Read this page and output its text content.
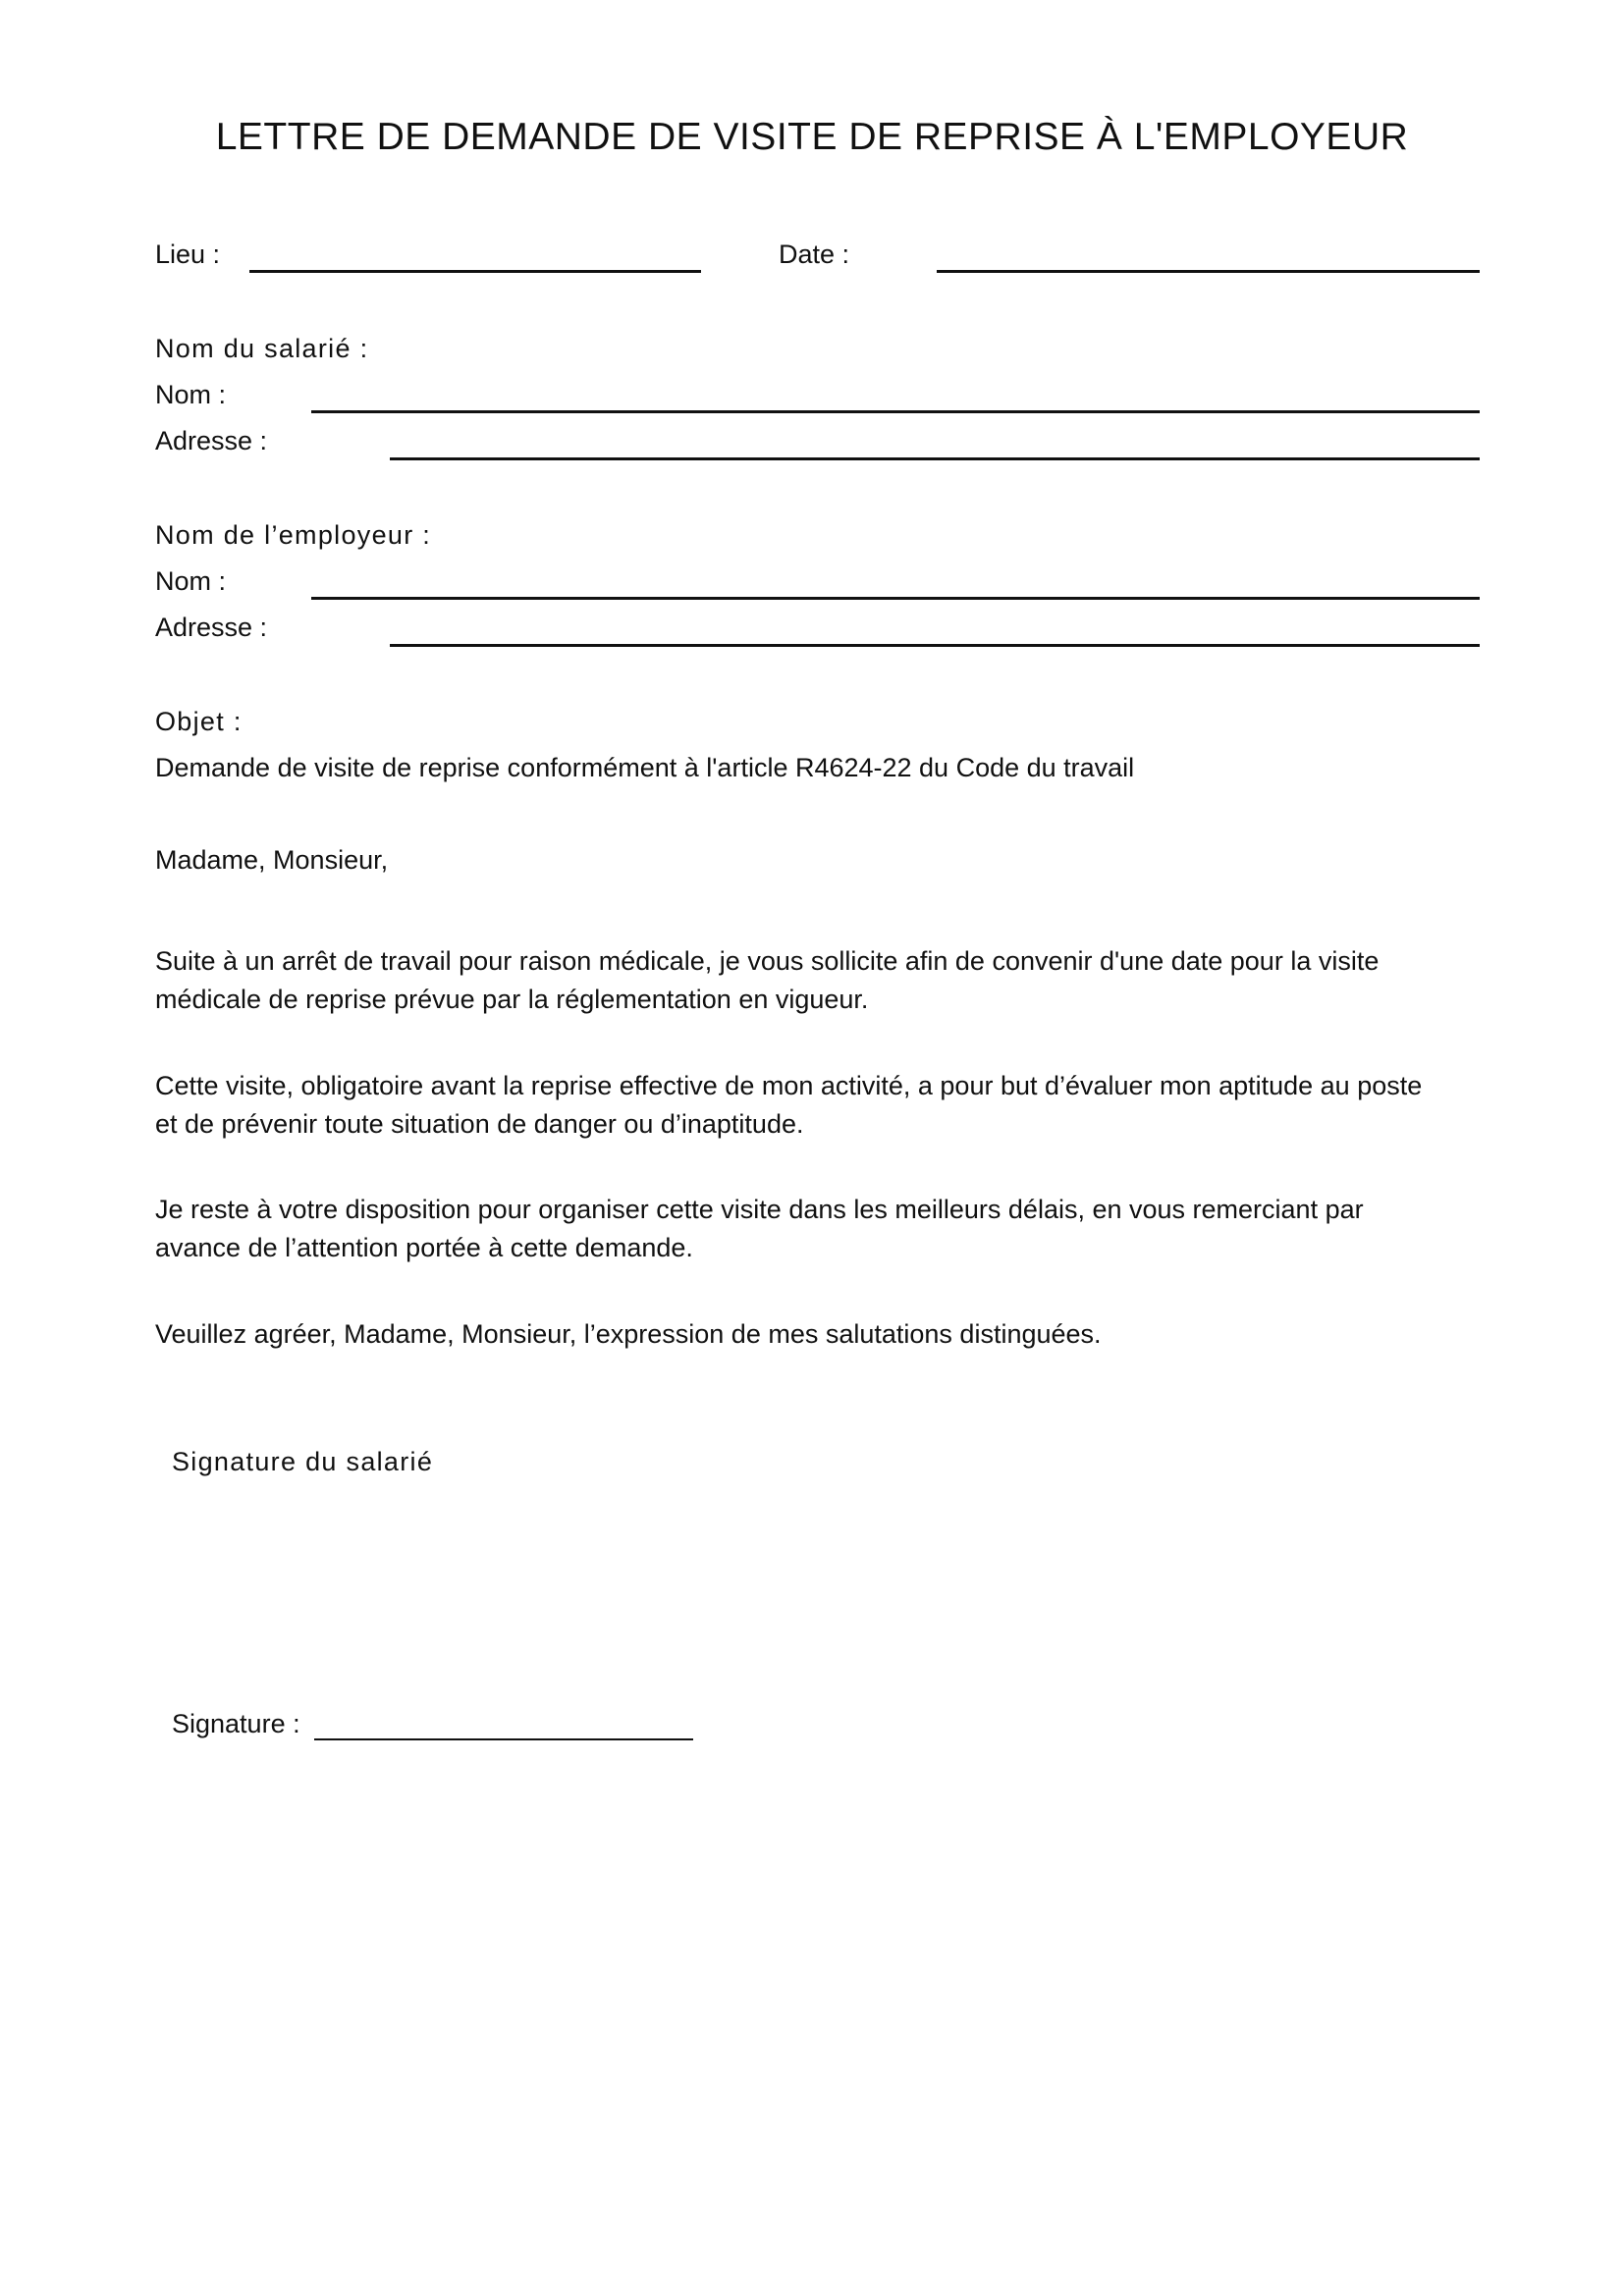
LETTRE DE DEMANDE DE VISITE DE REPRISE À L'EMPLOYEUR
Lieu :	Date :
Nom du salarié :
Nom :
Adresse :
Nom de l’employeur :
Nom :
Adresse :
Objet :
Demande de visite de reprise conformément à l'article R4624-22 du Code du travail
Madame, Monsieur,

Suite à un arrêt de travail pour raison médicale, je vous sollicite afin de convenir d'une date pour la visite
médicale de reprise prévue par la réglementation en vigueur.

Cette visite, obligatoire avant la reprise effective de mon activité, a pour but d’évaluer mon aptitude au poste
et de prévenir toute situation de danger ou d’inaptitude.

Je reste à votre disposition pour organiser cette visite dans les meilleurs délais, en vous remerciant par
avance de l’attention portée à cette demande.

Veuillez agréer, Madame, Monsieur, l’expression de mes salutations distinguées.
Signature du salarié
Signature :
